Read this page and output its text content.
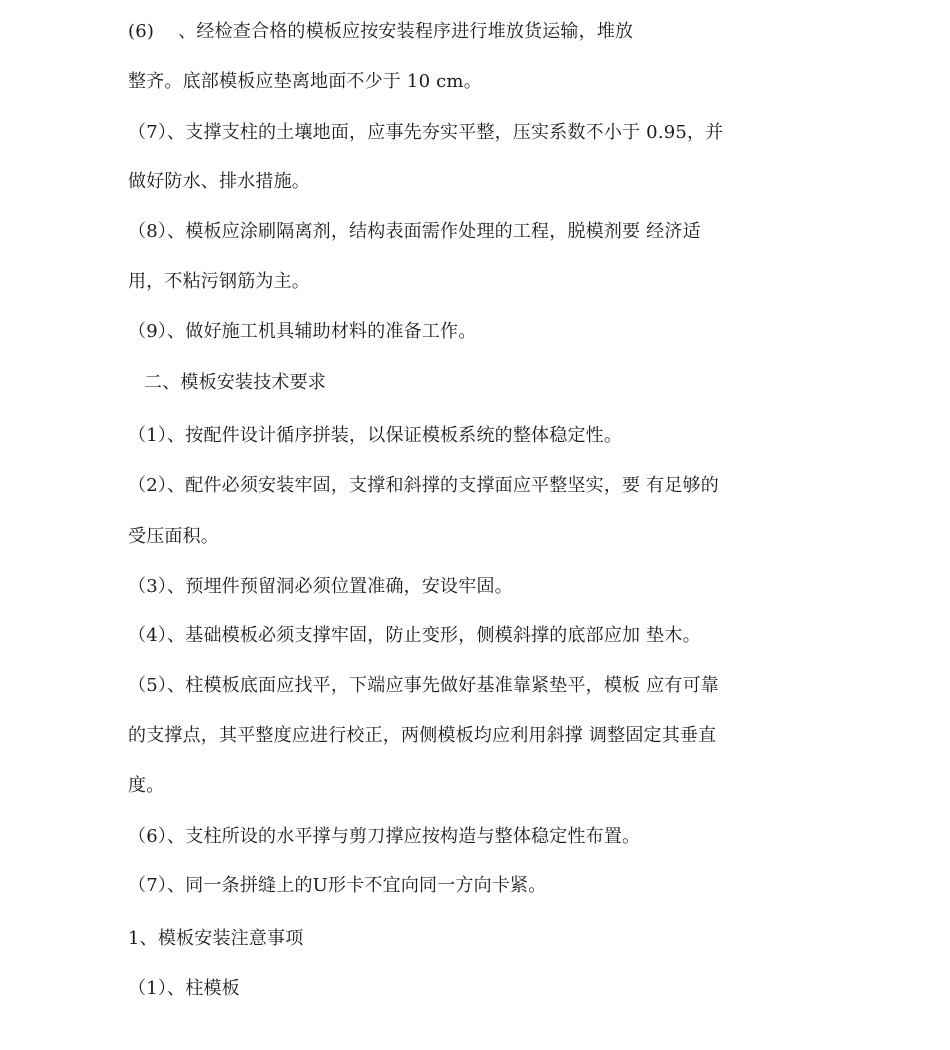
(6)　 、经检查合格的模板应按安装程序进行堆放货运输，堆放
整齐。底部模板应垫离地面不少于 10 cm。
（7）、支撑支柱的土壤地面，应事先夯实平整，压实系数不小于 0.95，并
做好防水、排水措施。
（8）、模板应涂刷隔离剂，结构表面需作处理的工程，脱模剂要 经济适
用，不粘污钢筋为主。
（9）、做好施工机具辅助材料的准备工作。
二、模板安装技术要求
（1）、按配件设计循序拼装，以保证模板系统的整体稳定性。
（2）、配件必须安装牢固，支撑和斜撑的支撑面应平整坚实，要 有足够的
受压面积。
（3）、预埋件预留洞必须位置准确，安设牢固。
（4）、基础模板必须支撑牢固，防止变形，侧模斜撑的底部应加 垫木。
（5）、柱模板底面应找平，下端应事先做好基准靠紧垫平，模板 应有可靠
的支撑点，其平整度应进行校正，两侧模板均应利用斜撑 调整固定其垂直
度。
（6）、支柱所设的水平撑与剪刀撑应按构造与整体稳定性布置。
（7）、同一条拼缝上的U形卡不宜向同一方向卡紧。
1、模板安装注意事项
（1）、柱模板
